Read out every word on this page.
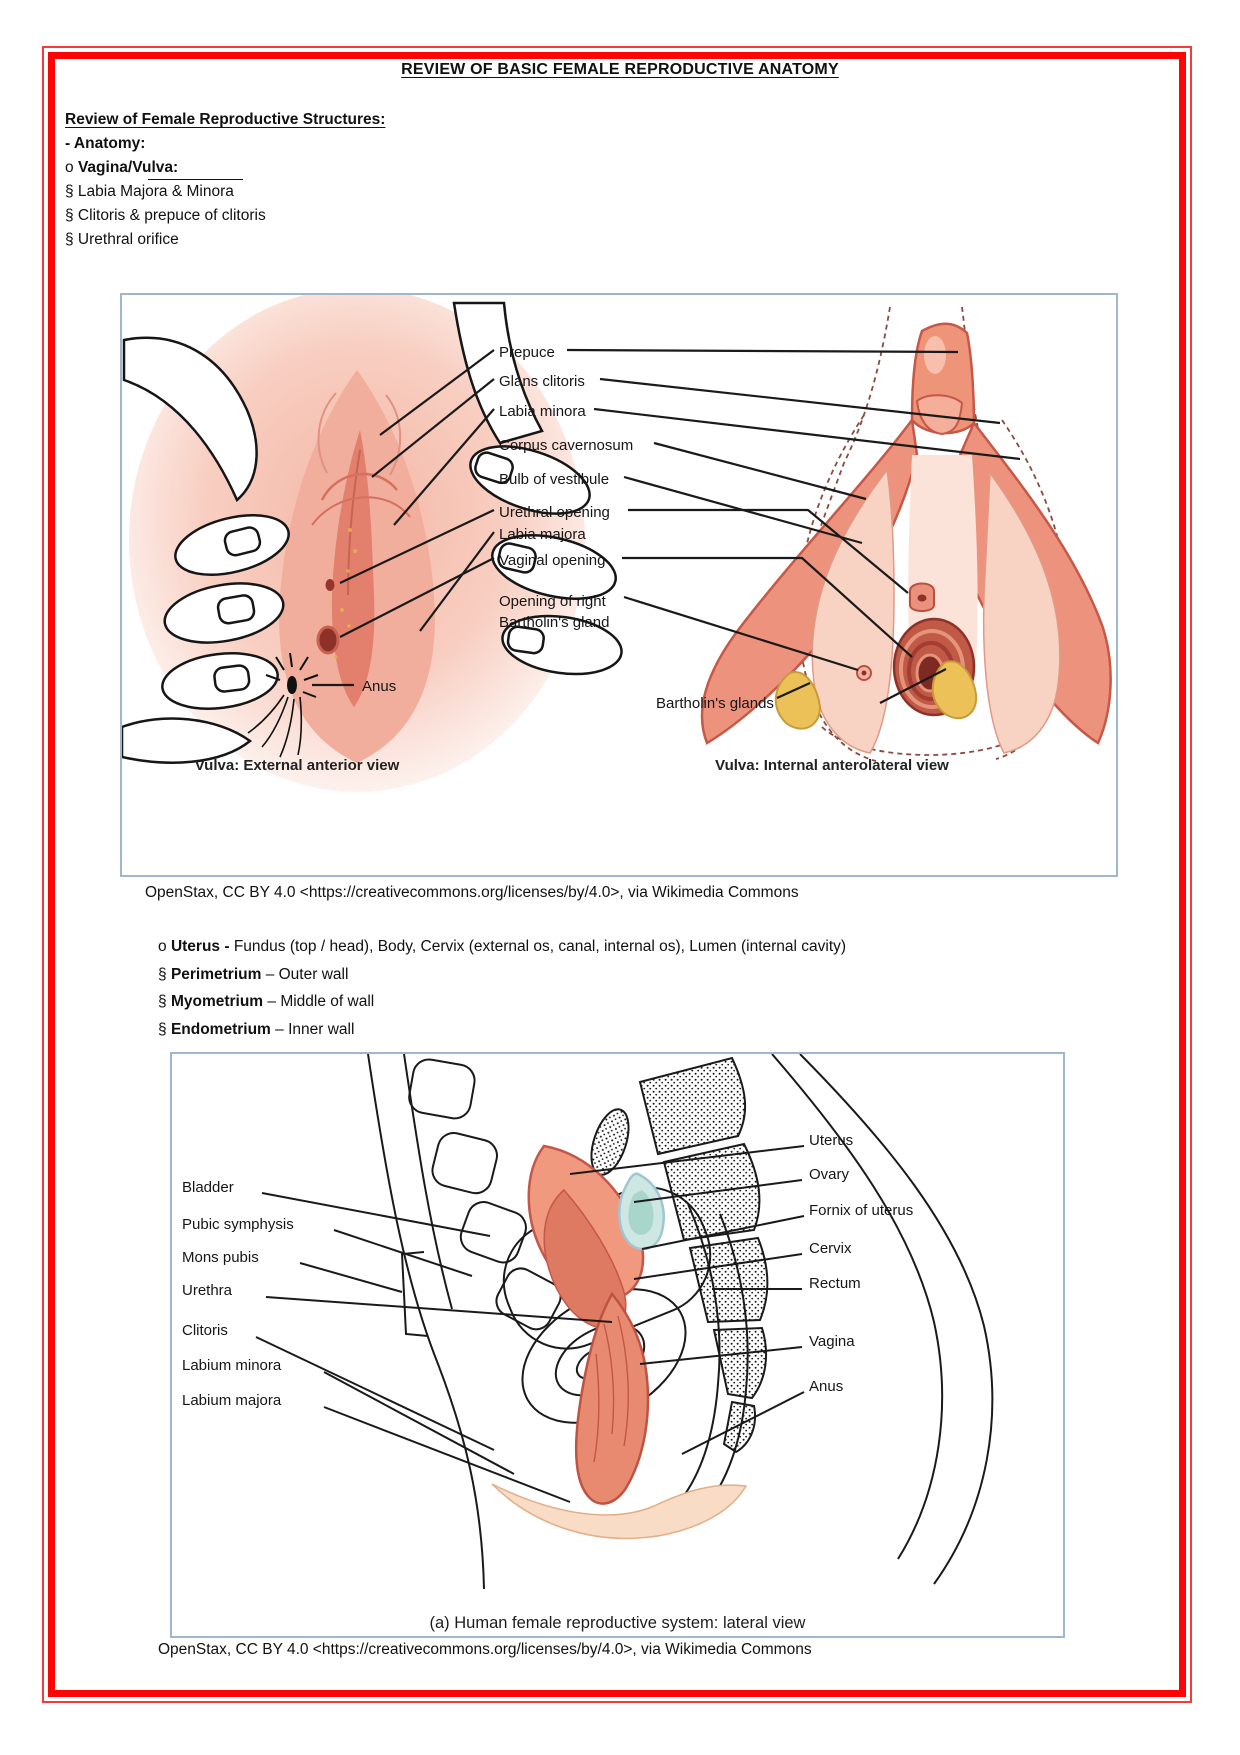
REVIEW OF BASIC FEMALE REPRODUCTIVE ANATOMY
Review of Female Reproductive Structures:
- Anatomy:
o Vagina/Vulva:
§ Labia Majora & Minora
§ Clitoris & prepuce of clitoris
§ Urethral orifice
Prepuce
Glans clitoris
Labia minora
Corpus cavernosum
Bulb of vestibule
Urethral opening
Labia majora
Vaginal opening
Opening of right
Bartholin's gland
Anus
Bartholin's glands
Vulva: External anterior view	Vulva: Internal anterolateral view
OpenStax, CC BY 4.0 <https://creativecommons.org/licenses/by/4.0>, via Wikimedia Commons
o Uterus - Fundus (top / head), Body, Cervix (external os, canal, internal os), Lumen (internal cavity)
§ Perimetrium – Outer wall
§ Myometrium – Middle of wall
§ Endometrium – Inner wall
Bladder
Pubic symphysis
Mons pubis
Urethra
Clitoris
Labium minora
Labium majora
Uterus
Ovary
Fornix of uterus
Cervix
Rectum
Vagina
Anus
(a) Human female reproductive system: lateral view
OpenStax, CC BY 4.0 <https://creativecommons.org/licenses/by/4.0>, via Wikimedia Commons
